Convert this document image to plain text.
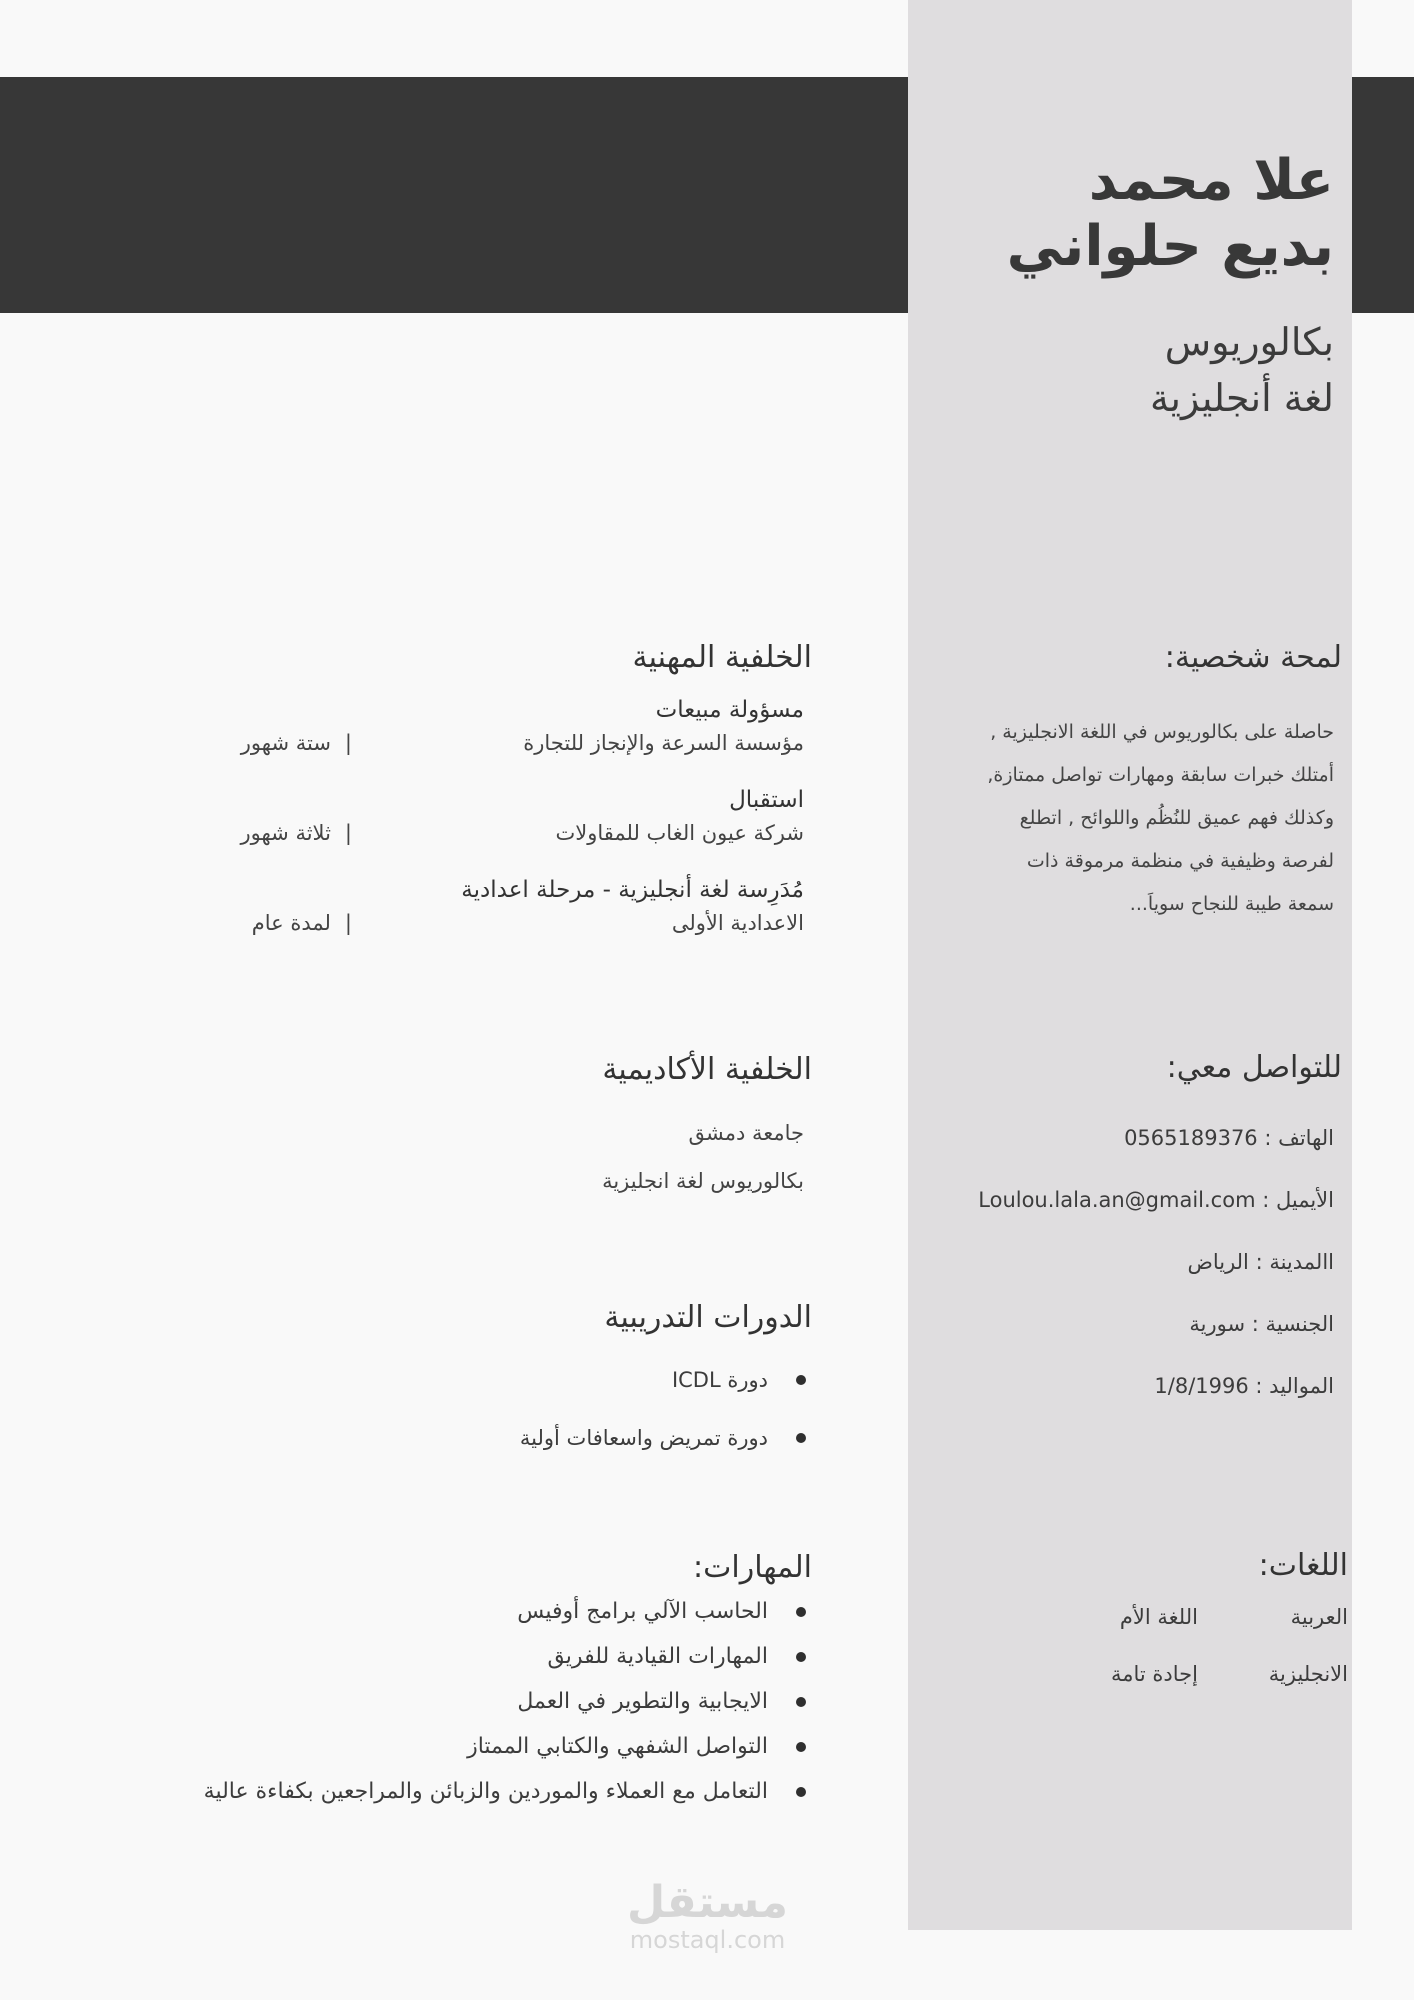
علا محمد
بديع حلواني
بكالوريوس
لغة أنجليزية
لمحة شخصية:

حاصلة على بكالوريوس في اللغة الانجليزية ,
أمتلك خبرات سابقة ومهارات تواصل ممتازة,
وكذلك فهم عميق للنُظُم واللوائح , اتطلع
لفرصة وظيفية في منظمة مرموقة ذات
سمعة طيبة للنجاح سوياَ...

للتواصل معي:
الهاتف : 0565189376
الأيميل : Loulou.lala.an@gmail.com
االمدينة : الرياض
الجنسية : سورية
المواليد : 1/8/1996
اللغات:
العربية
اللغة الأم
الانجليزية
إجادة تامة
الخلفية المهنية
مسؤولة مبيعات
مؤسسة السرعة والإنجاز للتجارة
|ستة شهور
استقبال
شركة عيون الغاب للمقاولات
|ثلاثة شهور
مُدَرِسة لغة أنجليزية - مرحلة اعدادية
الاعدادية الأولى
|لمدة عام
الخلفية الأكاديمية
جامعة دمشق
بكالوريوس لغة انجليزية
الدورات التدريبية
دورة ICDL
دورة تمريض واسعافات أولية
المهارات:
الحاسب الآلي برامج أوفيس
المهارات القيادية للفريق
الايجابية والتطوير في العمل
التواصل الشفهي والكتابي الممتاز
التعامل مع العملاء والموردين والزبائن والمراجعين بكفاءة عالية
مستقل
mostaql.com
